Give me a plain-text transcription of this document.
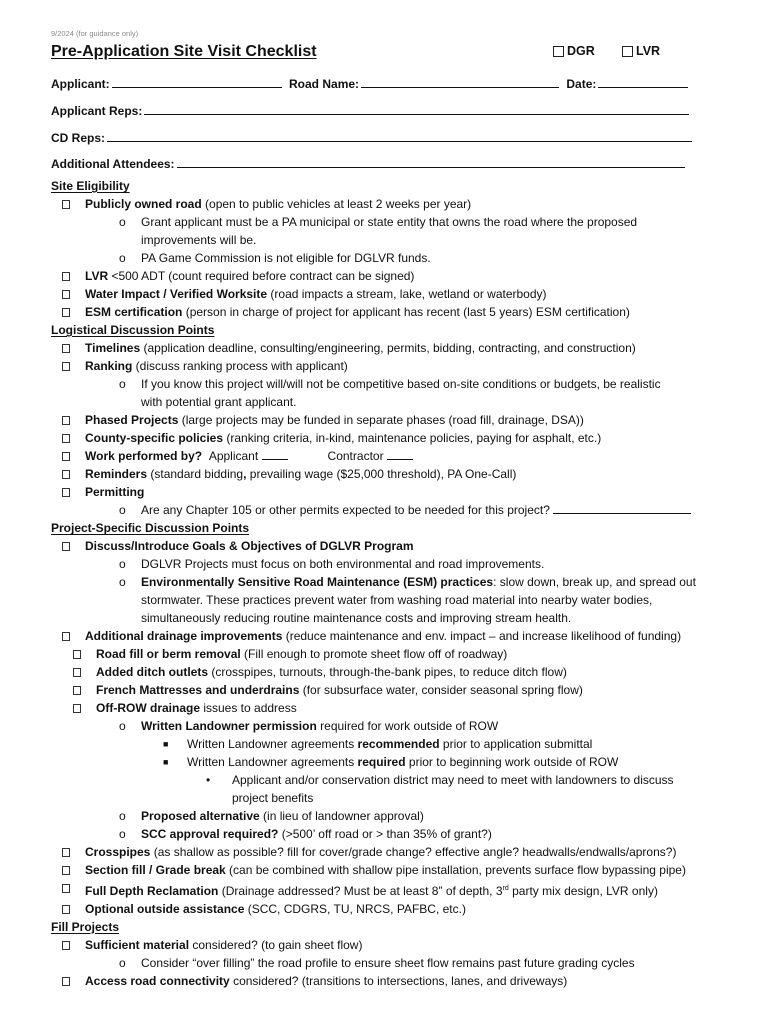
9/2024 (for guidance only)
Pre-Application Site Visit Checklist	DGR	LVR
Applicant:	Road Name:	Date:
Applicant Reps:
CD Reps:
Additional Attendees:
Site Eligibility
Publicly owned road (open to public vehicles at least 2 weeks per year)
o Grant applicant must be a PA municipal or state entity that owns the road where the proposed
improvements will be.
o PA Game Commission is not eligible for DGLVR funds.
LVR <500 ADT (count required before contract can be signed)
Water Impact / Verified Worksite (road impacts a stream, lake, wetland or waterbody)
ESM certification (person in charge of project for applicant has recent (last 5 years) ESM certification)
Logistical Discussion Points
Timelines (application deadline, consulting/engineering, permits, bidding, contracting, and construction)
Ranking (discuss ranking process with applicant)
o If you know this project will/will not be competitive based on-site conditions or budgets, be realistic
with potential grant applicant.
Phased Projects (large projects may be funded in separate phases (road fill, drainage, DSA))
County-specific policies (ranking criteria, in-kind, maintenance policies, paying for asphalt, etc.)
Work performed by? Applicant	Contractor
Reminders (standard bidding, prevailing wage ($25,000 threshold), PA One-Call)
Permitting
o Are any Chapter 105 or other permits expected to be needed for this project?
Project-Specific Discussion Points
Discuss/Introduce Goals & Objectives of DGLVR Program
o DGLVR Projects must focus on both environmental and road improvements.
o Environmentally Sensitive Road Maintenance (ESM) practices: slow down, break up, and spread out
stormwater. These practices prevent water from washing road material into nearby water bodies,
simultaneously reducing routine maintenance costs and improving stream health.
Additional drainage improvements (reduce maintenance and env. impact – and increase likelihood of funding)
Road fill or berm removal (Fill enough to promote sheet flow off of roadway)
Added ditch outlets (crosspipes, turnouts, through-the-bank pipes, to reduce ditch flow)
French Mattresses and underdrains (for subsurface water, consider seasonal spring flow)
Off-ROW drainage issues to address
o Written Landowner permission required for work outside of ROW
■ Written Landowner agreements recommended prior to application submittal
■ Written Landowner agreements required prior to beginning work outside of ROW
• Applicant and/or conservation district may need to meet with landowners to discuss
project benefits
o Proposed alternative (in lieu of landowner approval)
o SCC approval required? (>500’ off road or > than 35% of grant?)
Crosspipes (as shallow as possible? fill for cover/grade change? effective angle? headwalls/endwalls/aprons?)
Section fill / Grade break (can be combined with shallow pipe installation, prevents surface flow bypassing pipe)
Full Depth Reclamation (Drainage addressed? Must be at least 8” of depth, 3rd party mix design, LVR only)
Optional outside assistance (SCC, CDGRS, TU, NRCS, PAFBC, etc.)
Fill Projects
Sufficient material considered? (to gain sheet flow)
o Consider “over filling” the road profile to ensure sheet flow remains past future grading cycles
Access road connectivity considered? (transitions to intersections, lanes, and driveways)
